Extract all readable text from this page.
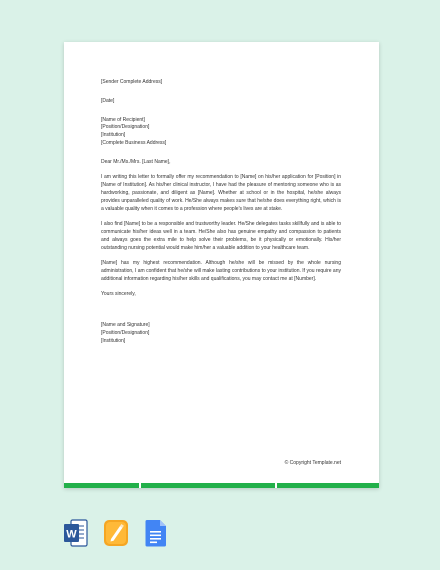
[Sender Complete Address]
[Date]
[Name of Recipient]
[Position/Designation]
[Institution]
[Complete Business Address]
Dear Mr./Ms./Mrs. [Last Name],
I am writing this letter to formally offer my recommendation to [Name] on his/her application for [Position] in [Name of Institution]. As his/her clinical instructor, I have had the pleasure of mentoring someone who is as hardworking, passionate, and diligent as [Name]. Whether at school or in the hospital, he/she always provides unparalleled quality of work. He/She always makes sure that he/she does everything right, which is a valuable quality when it comes to a profession where people's lives are at stake.
I also find [Name] to be a responsible and trustworthy leader. He/She delegates tasks skillfully and is able to communicate his/her ideas well in a team. He/She also has genuine empathy and compassion to patients and always goes the extra mile to help solve their problems, be it physically or emotionally. His/her outstanding nursing potential would make him/her a valuable addition to your healthcare team.
[Name] has my highest recommendation. Although he/she will be missed by the whole nursing administration, I am confident that he/she will make lasting contributions to your institution. If you require any additional information regarding his/her skills and qualifications, you may contact me at [Number].
Yours sincerely,
[Name and Signature]
[Position/Designation]
[Institution]
© Copyright Template.net
W
